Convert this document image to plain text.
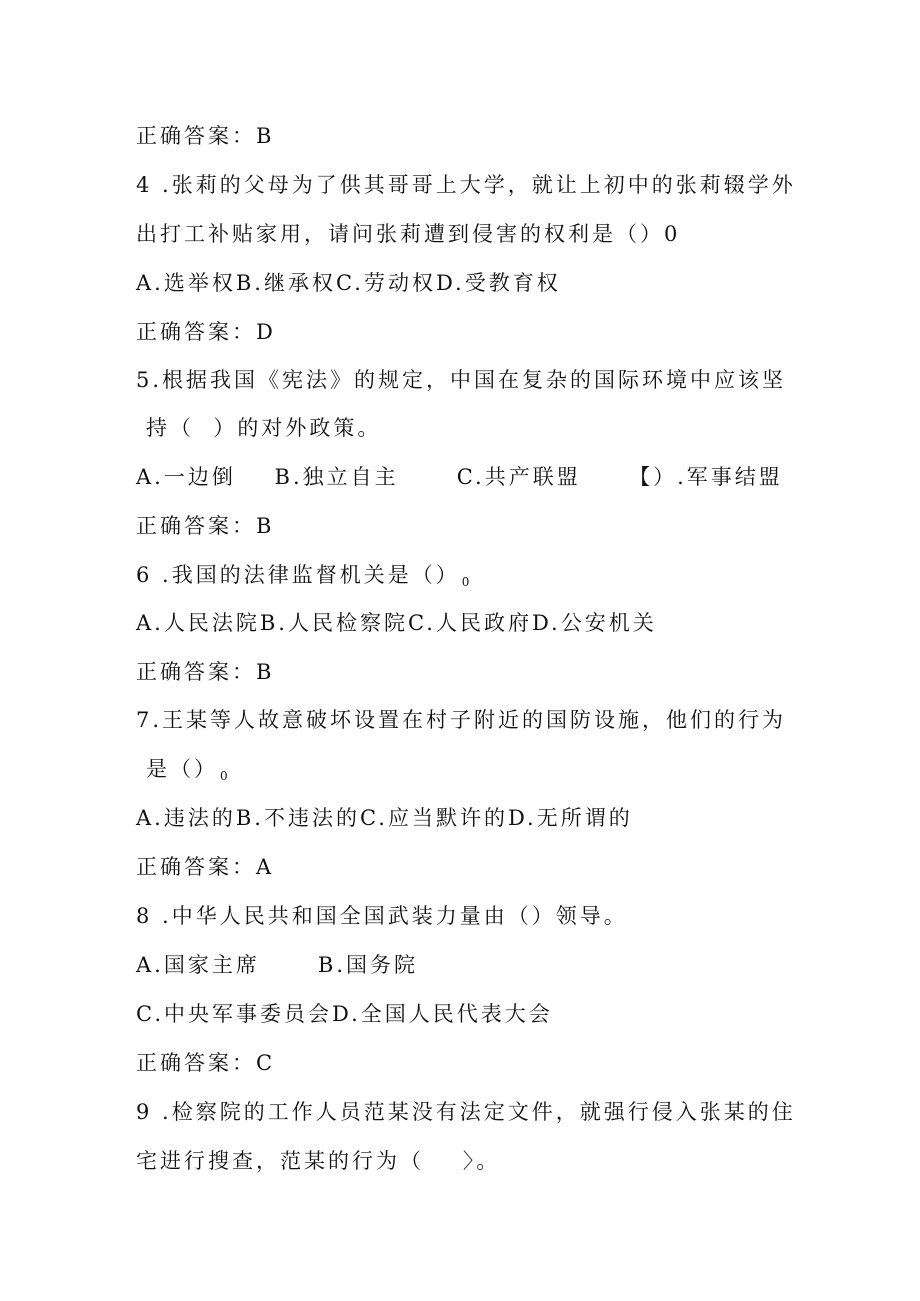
正确答案：B
4 .张莉的父母为了供其哥哥上大学，就让上初中的张莉辍学外
出打工补贴家用，请问张莉遭到侵害的权利是（）0
A.选举权B.继承权C.劳动权D.受教育权
正确答案：D
5.根据我国《宪法》的规定，中国在复杂的国际环境中应该坚
持（  ）的对外政策。
A.一边倒    B.独立自主      C.共产联盟     【）.军事结盟
正确答案：B
6 .我国的法律监督机关是（） $_0$
A.人民法院B.人民检察院C.人民政府D.公安机关
正确答案：B
7.王某等人故意破坏设置在村子附近的国防设施，他们的行为
是（） $_0$
A.违法的B.不违法的C.应当默许的D.无所谓的
正确答案：A
8 .中华人民共和国全国武装力量由（）领导。
A.国家主席      B.国务院
C.中央军事委员会D.全国人民代表大会
正确答案：C
9 .检察院的工作人员范某没有法定文件，就强行侵入张某的住
宅进行搜查，范某的行为（    〉。
